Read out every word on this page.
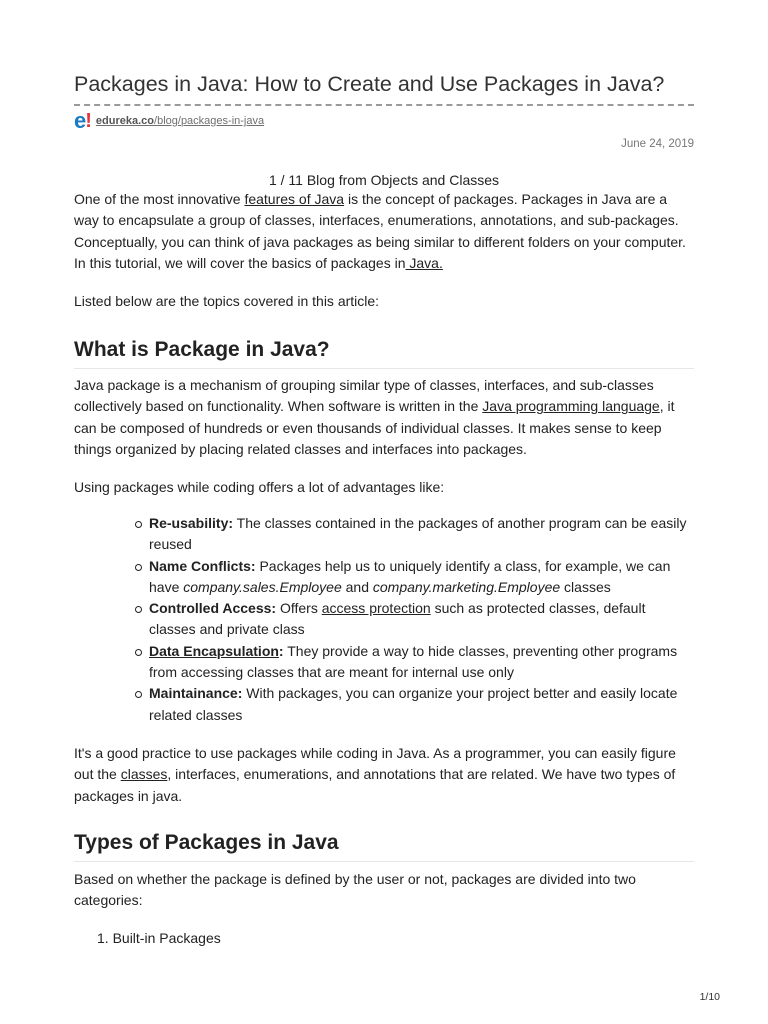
Packages in Java: How to Create and Use Packages in Java?
e ! edureka.co/blog/packages-in-java
June 24, 2019
1 / 11 Blog from Objects and Classes
One of the most innovative features of Java is the concept of packages. Packages in Java are a way to encapsulate a group of classes, interfaces, enumerations, annotations, and sub-packages. Conceptually, you can think of java packages as being similar to different folders on your computer. In this tutorial, we will cover the basics of packages in Java.
Listed below are the topics covered in this article:
What is Package in Java?
Java package is a mechanism of grouping similar type of classes, interfaces, and sub-classes collectively based on functionality. When software is written in the Java programming language, it can be composed of hundreds or even thousands of individual classes. It makes sense to keep things organized by placing related classes and interfaces into packages.
Using packages while coding offers a lot of advantages like:
Re-usability: The classes contained in the packages of another program can be easily reused
Name Conflicts: Packages help us to uniquely identify a class, for example, we can have company.sales.Employee and company.marketing.Employee classes
Controlled Access: Offers access protection such as protected classes, default classes and private class
Data Encapsulation: They provide a way to hide classes, preventing other programs from accessing classes that are meant for internal use only
Maintainance: With packages, you can organize your project better and easily locate related classes
It's a good practice to use packages while coding in Java. As a programmer, you can easily figure out the classes, interfaces, enumerations, and annotations that are related. We have two types of packages in java.
Types of Packages in Java
Based on whether the package is defined by the user or not, packages are divided into two categories:
1. Built-in Packages
1/10
